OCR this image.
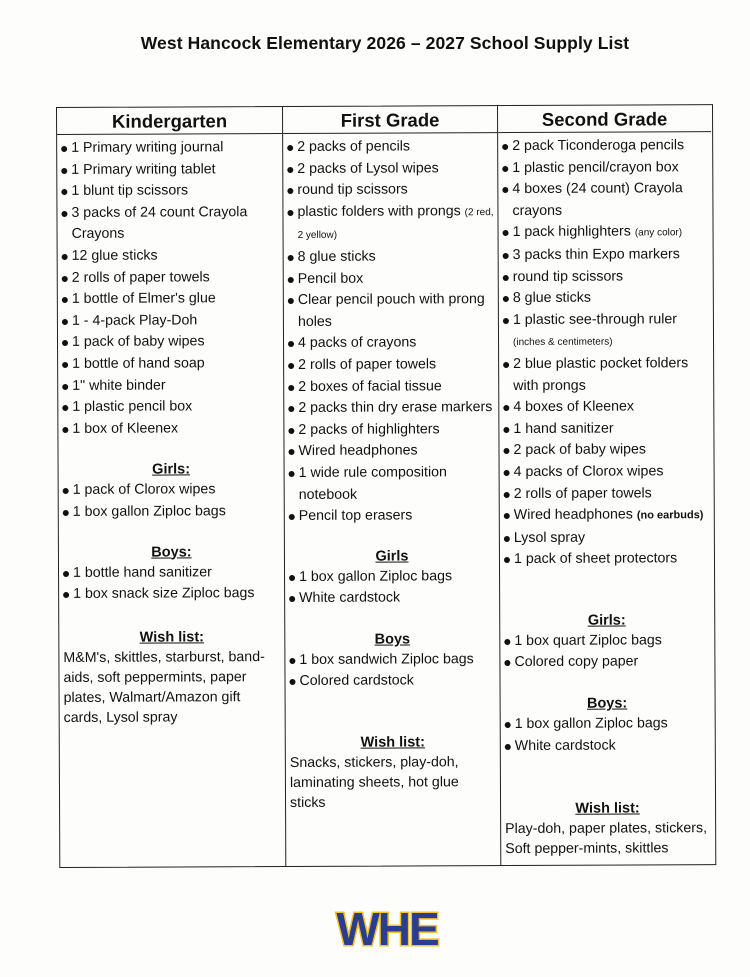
West Hancock Elementary 2026 – 2027 School Supply List
Kindergarten
1 Primary writing journal
1 Primary writing tablet
1 blunt tip scissors
3 packs of 24 count Crayola Crayons
12 glue sticks
2 rolls of paper towels
1 bottle of Elmer's glue
1 - 4-pack Play-Doh
1 pack of baby wipes
1 bottle of hand soap
1" white binder
1 plastic pencil box
1 box of Kleenex
Girls:
1 pack of Clorox wipes
1 box gallon Ziploc bags
Boys:
1 bottle hand sanitizer
1 box snack size Ziploc bags
Wish list:
M&M's, skittles, starburst, band-aids, soft peppermints, paper plates, Walmart/Amazon gift cards, Lysol spray
First Grade
2 packs of pencils
2 packs of Lysol wipes
round tip scissors
plastic folders with prongs (2 red, 2 yellow)
8 glue sticks
Pencil box
Clear pencil pouch with prong holes
4 packs of crayons
2 rolls of paper towels
2 boxes of facial tissue
2 packs thin dry erase markers
2 packs of highlighters
Wired headphones
1 wide rule composition notebook
Pencil top erasers
Girls
1 box gallon Ziploc bags
White cardstock
Boys
1 box sandwich Ziploc bags
Colored cardstock
Wish list:
Snacks, stickers, play-doh, laminating sheets, hot glue sticks
Second Grade
2 pack Ticonderoga pencils
1 plastic pencil/crayon box
4 boxes (24 count) Crayola crayons
1 pack highlighters (any color)
3 packs thin Expo markers
round tip scissors
8 glue sticks
1 plastic see-through ruler (inches & centimeters)
2 blue plastic pocket folders with prongs
4 boxes of Kleenex
1 hand sanitizer
2 pack of baby wipes
4 packs of Clorox wipes
2 rolls of paper towels
Wired headphones (no earbuds)
Lysol spray
1 pack of sheet protectors
Girls:
1 box quart Ziploc bags
Colored copy paper
Boys:
1 box gallon Ziploc bags
White cardstock
Wish list:
Play-doh, paper plates, stickers, Soft pepper-mints, skittles
WHE
